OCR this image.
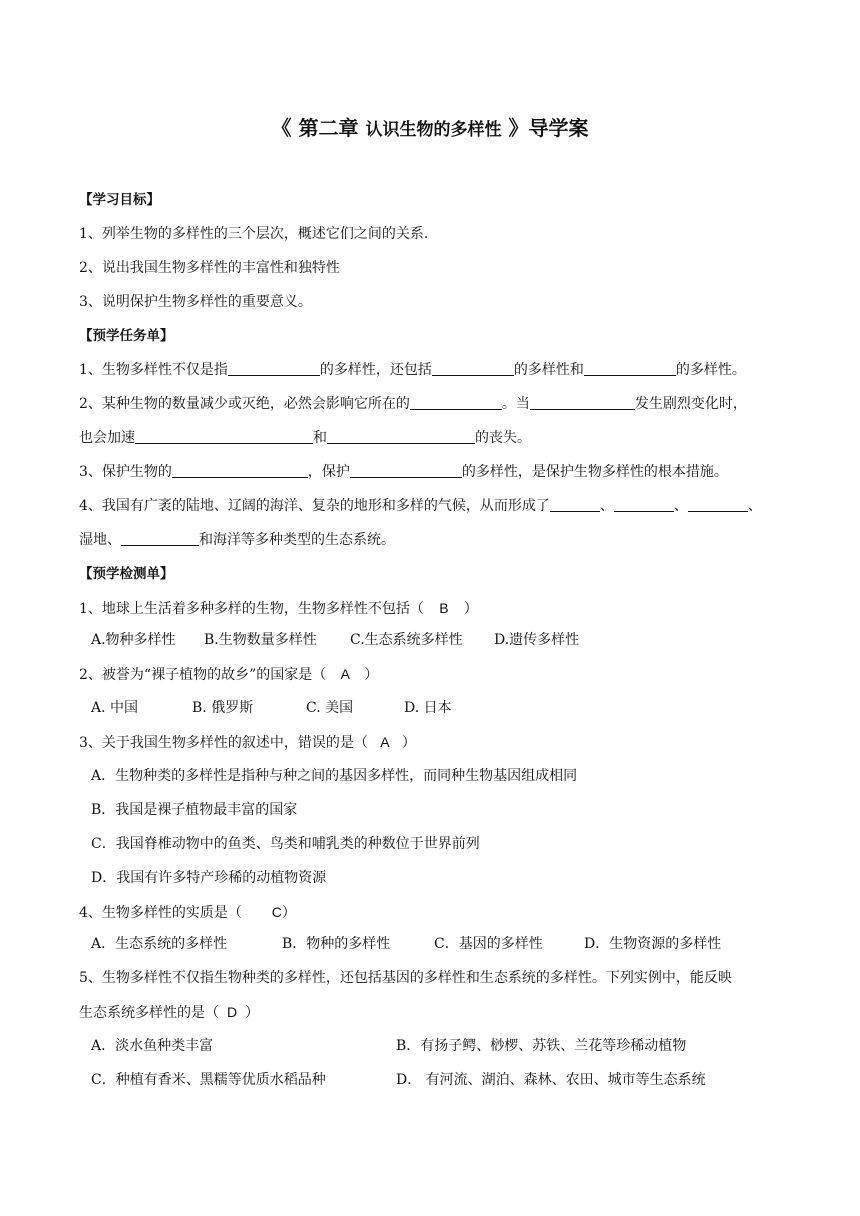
《 第二章 认识生物的多样性 》导学案
【学习目标】
1、列举生物的多样性的三个层次，概述它们之间的关系.
2、说出我国生物多样性的丰富性和独特性
3、说明保护生物多样性的重要意义。
【预学任务单】
1、生物多样性不仅是指	的多样性，还包括	的多样性和	的多样性。
2、某种生物的数量减少或灭绝，必然会影响它所在的	。当	发生剧烈变化时，
也会加速	和	的丧失。
3、保护生物的	，保护	的多样性，是保护生物多样性的根本措施。
4、我国有广袤的陆地、辽阔的海洋、复杂的地形和多样的气候，从而形成了	、	、	、
湿地、	和海洋等多种类型的生态系统。
【预学检测单】
1、地球上生活着多种多样的生物，生物多样性不包括（ B ）
A.物种多样性 B.生物数量多样性 C.生态系统多样性 D.遗传多样性
2、被誉为“裸子植物的故乡”的国家是（ A ）
A. 中国	B. 俄罗斯	C. 美国	D. 日本
3、关于我国生物多样性的叙述中，错误的是（ A ）
A．生物种类的多样性是指种与种之间的基因多样性，而同种生物基因组成相同
B．我国是裸子植物最丰富的国家
C．我国脊椎动物中的鱼类、鸟类和哺乳类的种数位于世界前列
D．我国有许多特产珍稀的动植物资源
4、生物多样性的实质是（ C）
A．生态系统的多样性	B．物种的多样性	C．基因的多样性	D．生物资源的多样性
5、生物多样性不仅指生物种类的多样性，还包括基因的多样性和生态系统的多样性。下列实例中，能反映
生态系统多样性的是（ D ）
A．淡水鱼种类丰富	B．有扬子鳄、桫椤、苏铁、兰花等珍稀动植物
C．种植有香米、黑糯等优质水稻品种	D． 有河流、湖泊、森林、农田、城市等生态系统
